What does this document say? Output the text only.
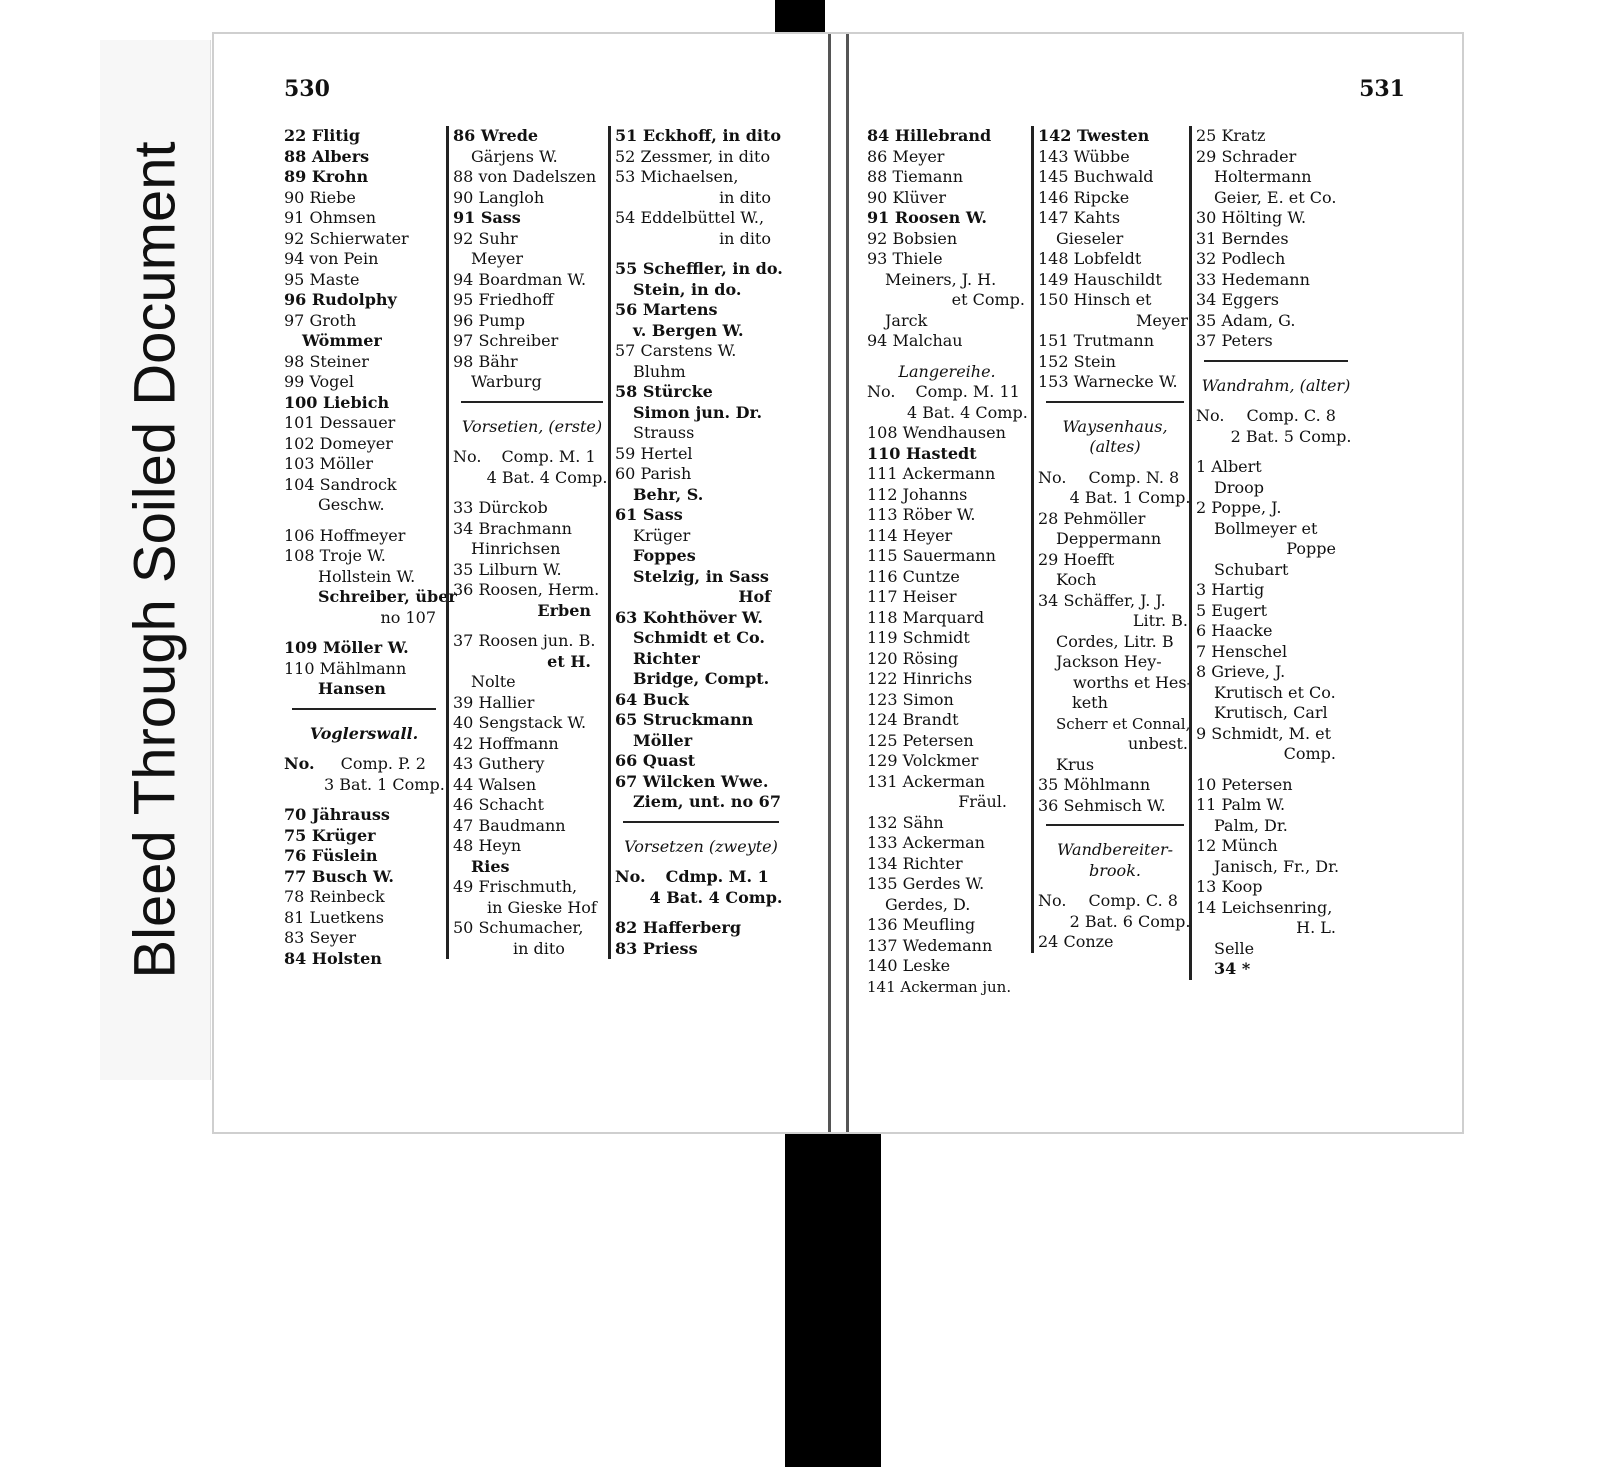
Bleed Through Soiled Document
530
22 Flitig
88 Albers
89 Krohn
90 Riebe
91 Ohmsen
92 Schierwater
94 von Pein
95 Maste
96 Rudolphy
97 Groth
Wömmer
98 Steiner
99 Vogel
100 Liebich
101 Dessauer
102 Domeyer
103 Möller
104 Sandrock
Geschw.
106 Hoffmeyer
108 Troje W.
Hollstein W.
Schreiber, über
no 107
109 Möller W.
110 Mählmann
Hansen
Voglerswall.
No. Comp. P. 2
3 Bat. 1 Comp.
70 Jährauss
75 Krüger
76 Füslein
77 Busch W.
78 Reinbeck
81 Luetkens
83 Seyer
84 Holsten
86 Wrede
Gärjens W.
88 von Dadelszen
90 Langloh
91 Sass
92 Suhr
Meyer
94 Boardman W.
95 Friedhoff
96 Pump
97 Schreiber
98 Bähr
Warburg
Vorsetien, (erste)
No. Comp. M. 1
4 Bat. 4 Comp.
33 Dürckob
34 Brachmann
Hinrichsen
35 Lilburn W.
36 Roosen, Herm.
Erben
37 Roosen jun. B.
et H.
Nolte
39 Hallier
40 Sengstack W.
42 Hoffmann
43 Guthery
44 Walsen
46 Schacht
47 Baudmann
48 Heyn
Ries
49 Frischmuth,
in Gieske Hof
50 Schumacher,
in dito
51 Eckhoff, in dito
52 Zessmer, in dito
53 Michaelsen,
in dito
54 Eddelbüttel W.,
in dito
55 Scheffler, in do.
Stein, in do.
56 Martens
v. Bergen W.
57 Carstens W.
Bluhm
58 Stürcke
Simon jun. Dr.
Strauss
59 Hertel
60 Parish
Behr, S.
61 Sass
Krüger
Foppes
Stelzig, in Sass
Hof
63 Kohthöver W.
Schmidt et Co.
Richter
Bridge, Compt.
64 Buck
65 Struckmann
Möller
66 Quast
67 Wilcken Wwe.
Ziem, unt. no 67
Vorsetzen (zweyte)
No. Cdmp. M. 1
4 Bat. 4 Comp.
82 Hafferberg
83 Priess
531
84 Hillebrand
86 Meyer
88 Tiemann
90 Klüver
91 Roosen W.
92 Bobsien
93 Thiele
Meiners, J. H.
et Comp.
Jarck
94 Malchau
Langereihe.
No. Comp. M. 11
4 Bat. 4 Comp.
108 Wendhausen
110 Hastedt
111 Ackermann
112 Johanns
113 Röber W.
114 Heyer
115 Sauermann
116 Cuntze
117 Heiser
118 Marquard
119 Schmidt
120 Rösing
122 Hinrichs
123 Simon
124 Brandt
125 Petersen
129 Volckmer
131 Ackerman
Fräul.
132 Sähn
133 Ackerman
134 Richter
135 Gerdes W.
Gerdes, D.
136 Meufling
137 Wedemann
140 Leske
141 Ackerman jun.
142 Twesten
143 Wübbe
145 Buchwald
146 Ripcke
147 Kahts
Gieseler
148 Lobfeldt
149 Hauschildt
150 Hinsch et
Meyer
151 Trutmann
152 Stein
153 Warnecke W.
Waysenhaus,
(altes)
No. Comp. N. 8
4 Bat. 1 Comp.
28 Pehmöller
Deppermann
29 Hoefft
Koch
34 Schäffer, J. J.
Litr. B.
Cordes, Litr. B
Jackson Hey-
worths et Hes-
keth
Scherr et Connal,
unbest.
Krus
35 Möhlmann
36 Sehmisch W.
Wandbereiter-
brook.
No. Comp. C. 8
2 Bat. 6 Comp.
24 Conze
25 Kratz
29 Schrader
Holtermann
Geier, E. et Co.
30 Hölting W.
31 Berndes
32 Podlech
33 Hedemann
34 Eggers
35 Adam, G.
37 Peters
Wandrahm, (alter)
No. Comp. C. 8
2 Bat. 5 Comp.
1 Albert
Droop
2 Poppe, J.
Bollmeyer et
Poppe
Schubart
3 Hartig
5 Eugert
6 Haacke
7 Henschel
8 Grieve, J.
Krutisch et Co.
Krutisch, Carl
9 Schmidt, M. et
Comp.
10 Petersen
11 Palm W.
Palm, Dr.
12 Münch
Janisch, Fr., Dr.
13 Koop
14 Leichsenring,
H. L.
Selle
34 *
